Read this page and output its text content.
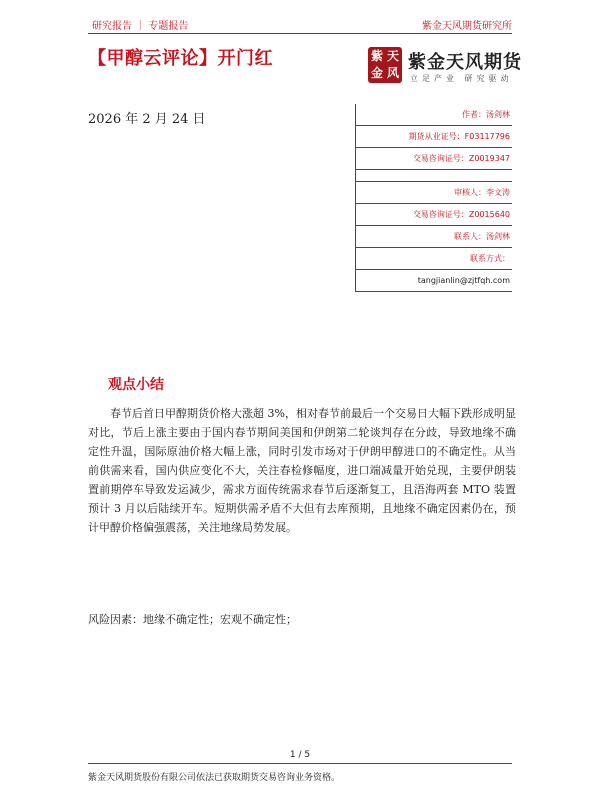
研究报告 ｜ 专题报告	紫金天风期货研究所
【甲醇云评论】开门红	紫 天
金 风 紫金天风期货
立足产业 研究驱动
2026 年 2 月 24 日	作者：汤剑林
期货从业证号：F03117796
交易咨询证号：Z0019347
审核人：李文涛
交易咨询证号：Z0015640
联系人：汤剑林
联系方式：
tangjianlin@zjtfqh.com
观点小结

春节后首日甲醇期货价格大涨超 3%，相对春节前最后一个交易日大幅下跌形成明显对比，节后上涨主要由于国内春节期间美国和伊朗第二轮谈判存在分歧，导致地缘不确定性升温，国际原油价格大幅上涨，同时引发市场对于伊朗甲醇进口的不确定性。从当前供需来看，国内供应变化不大，关注春检修幅度，进口端减量开始兑现，主要伊朗装置前期停车导致发运减少，需求方面传统需求春节后逐渐复工，且浯海两套 MTO 装置预计 3 月以后陆续开车。短期供需矛盾不大但有去库预期，且地缘不确定因素仍在，预计甲醇价格偏强震荡，关注地缘局势发展。

风险因素：地缘不确定性；宏观不确定性；
1 / 5
紫金天风期货股份有限公司依法已获取期货交易咨询业务资格。
